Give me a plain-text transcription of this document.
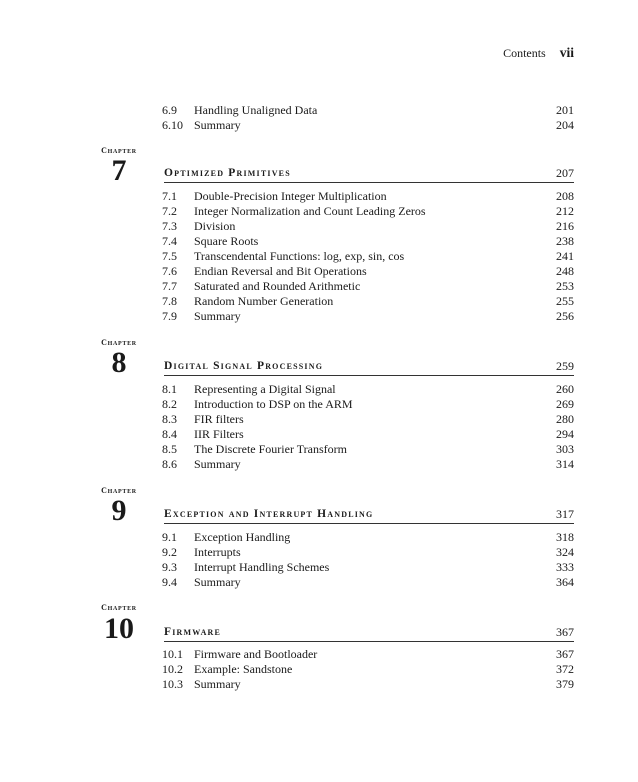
Contents vii
6.9 Handling Unaligned Data	201
6.10 Summary	204
Chapter
7	Optimized Primitives	207
7.1 Double-Precision Integer Multiplication	208
7.2 Integer Normalization and Count Leading Zeros	212
7.3 Division	216
7.4 Square Roots	238
7.5 Transcendental Functions: log, exp, sin, cos	241
7.6 Endian Reversal and Bit Operations	248
7.7 Saturated and Rounded Arithmetic	253
7.8 Random Number Generation	255
7.9 Summary	256
Chapter
8	Digital Signal Processing	259
8.1 Representing a Digital Signal	260
8.2 Introduction to DSP on the ARM	269
8.3 FIR filters	280
8.4 IIR Filters	294
8.5 The Discrete Fourier Transform	303
8.6 Summary	314
Chapter
9	Exception and Interrupt Handling	317
9.1 Exception Handling	318
9.2 Interrupts	324
9.3 Interrupt Handling Schemes	333
9.4 Summary	364
Chapter
10	Firmware	367
10.1 Firmware and Bootloader	367
10.2 Example: Sandstone	372
10.3 Summary	379
